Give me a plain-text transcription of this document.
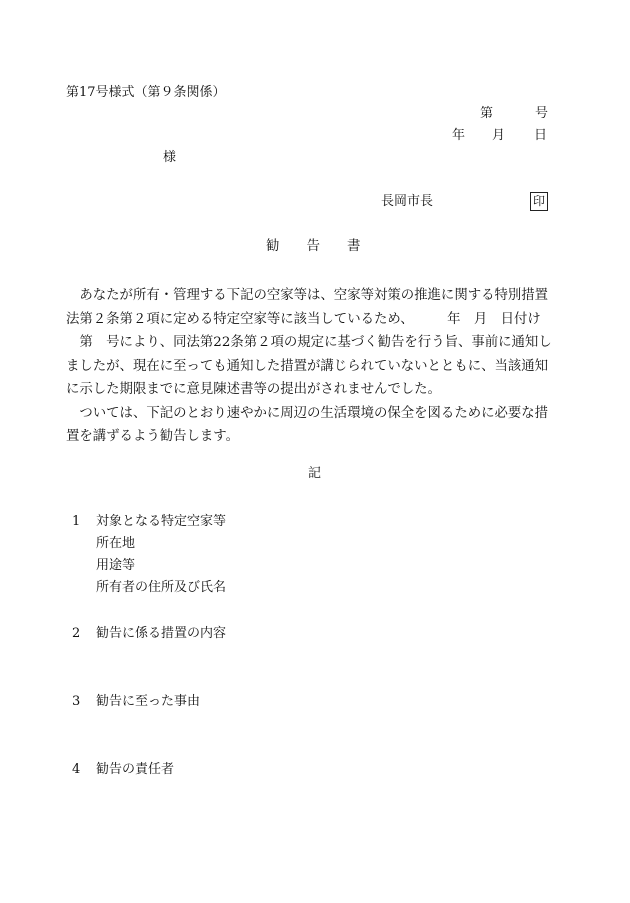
第17号様式（第９条関係）
第	号
年 月 日
様
長岡市長	印
勧　　告　　書
　あなたが所有・管理する下記の空家等は、空家等対策の推進に関する特別措置
法第２条第２項に定める特定空家等に該当しているため、　　　年　月　日付け
　第　号により、同法第22条第２項の規定に基づく勧告を行う旨、事前に通知し
ましたが、現在に至っても通知した措置が講じられていないとともに、当該通知
に示した期限までに意見陳述書等の提出がされませんでした。
　ついては、下記のとおり速やかに周辺の生活環境の保全を図るために必要な措
置を講ずるよう勧告します。
記
1 対象となる特定空家等
所在地
用途等
所有者の住所及び氏名
2 勧告に係る措置の内容
3 勧告に至った事由
4 勧告の責任者
